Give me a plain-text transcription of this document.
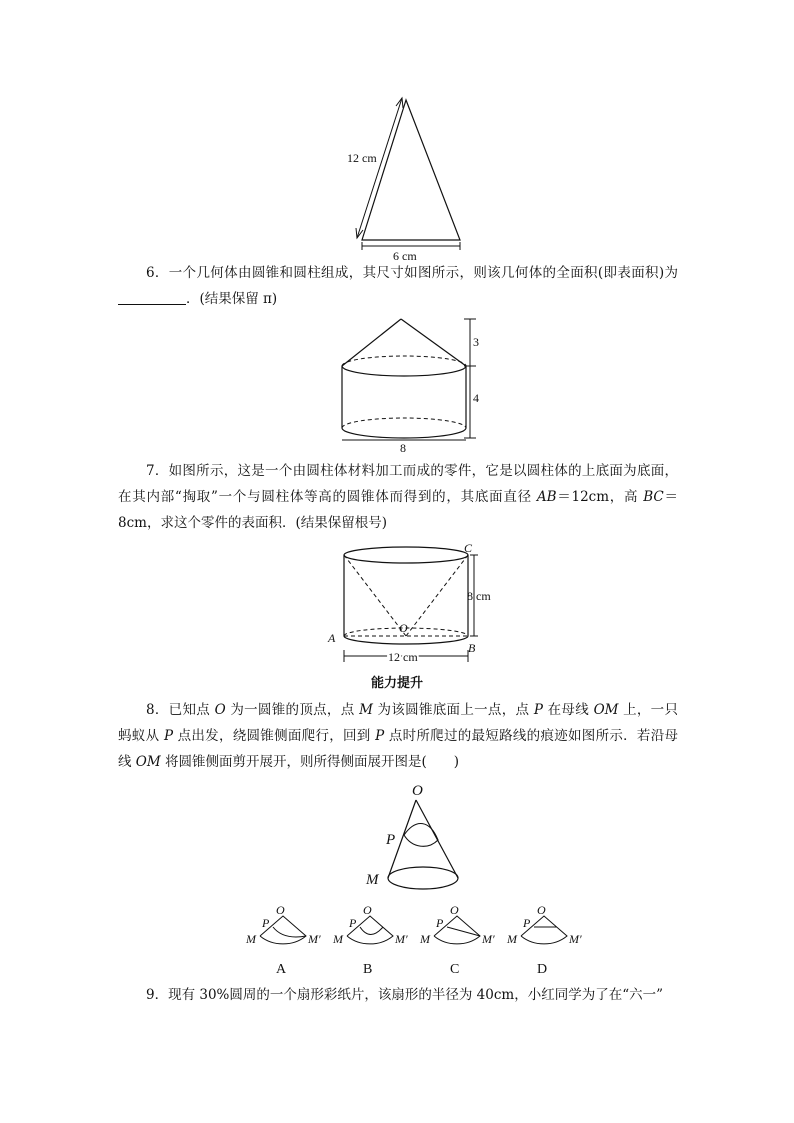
12 cm
6 cm

6．一个几何体由圆锥和圆柱组成，其尺寸如图所示，则该几何体的全面积(即表面积)为．(结果保留 π)

3
4
8

7．如图所示，这是一个由圆柱体材料加工而成的零件，它是以圆柱体的上底面为底面，在其内部“掏取”一个与圆柱体等高的圆锥体而得到的，其底面直径 AB＝12cm，高 BC＝8cm，求这个零件的表面积．(结果保留根号)

C
O
A
B
8 cm
12 cm
能力提升

8．已知点 O 为一圆锥的顶点，点 M 为该圆锥底面上一点，点 P 在母线 OM 上，一只蚂蚁从 P 点出发，绕圆锥侧面爬行，回到 P 点时所爬过的最短路线的痕迹如图所示．若沿母线 OM 将圆锥侧面剪开展开，则所得侧面展开图是(　　)

O
P
M
O
P
M	M′
A
O
P
M	M′
B
O
P
M	M′
C
O
P
M	M′
D

9．现有 30%圆周的一个扇形彩纸片，该扇形的半径为 40cm，小红同学为了在“六一”
